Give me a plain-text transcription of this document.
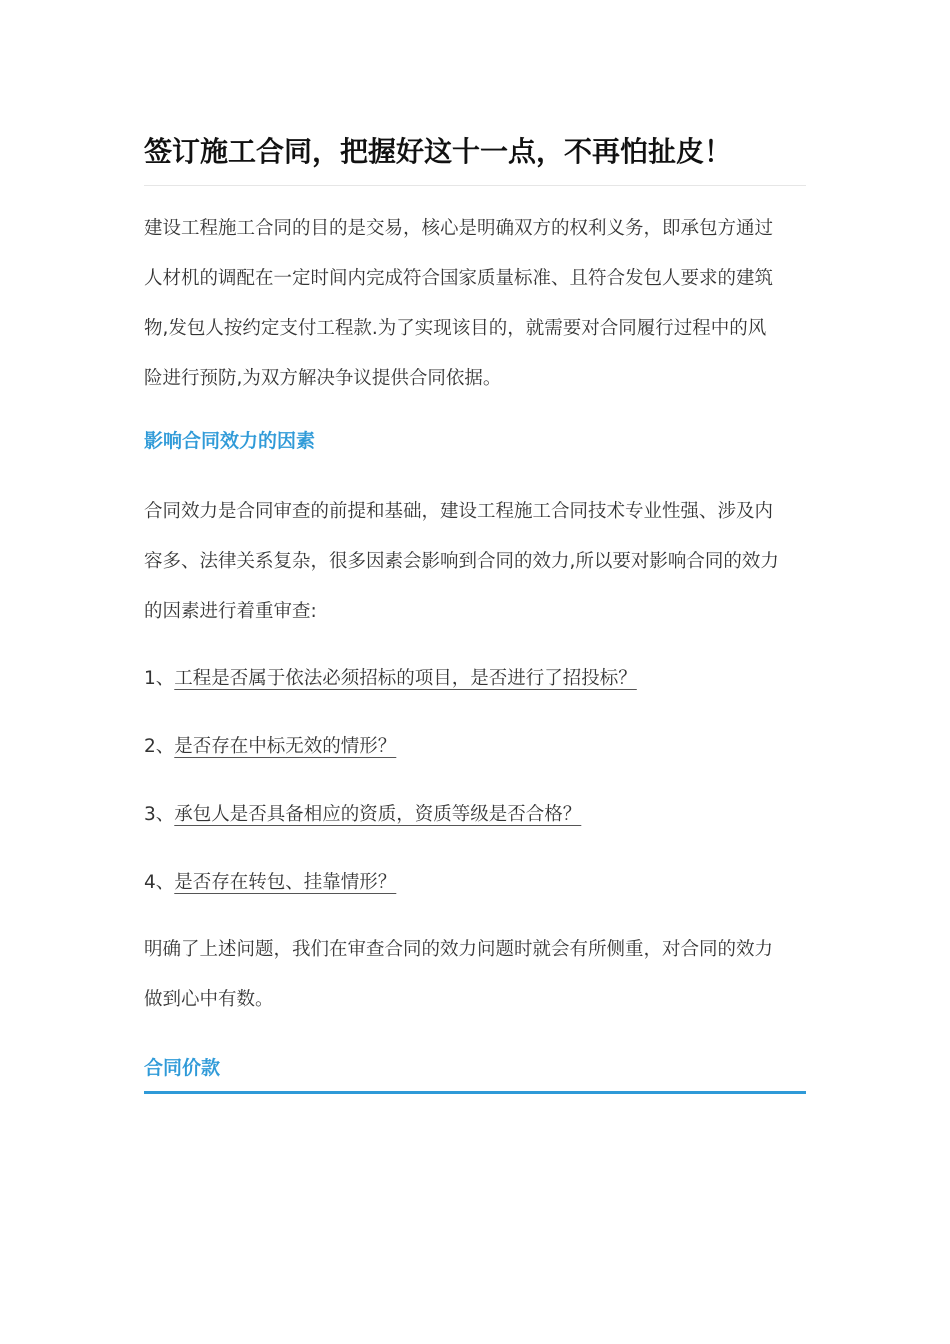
签订施工合同，把握好这十一点，不再怕扯皮！

建设工程施工合同的目的是交易，核心是明确双方的权利义务，即承包方通过
人材机的调配在一定时间内完成符合国家质量标准、且符合发包人要求的建筑
物,发包人按约定支付工程款.为了实现该目的，就需要对合同履行过程中的风
险进行预防,为双方解决争议提供合同依据。

影响合同效力的因素

合同效力是合同审查的前提和基础，建设工程施工合同技术专业性强、涉及内
容多、法律关系复杂，很多因素会影响到合同的效力,所以要对影响合同的效力
的因素进行着重审查:

1、工程是否属于依法必须招标的项目，是否进行了招投标？
2、是否存在中标无效的情形？
3、承包人是否具备相应的资质，资质等级是否合格？
4、是否存在转包、挂靠情形？

明确了上述问题，我们在审查合同的效力问题时就会有所侧重，对合同的效力
做到心中有数。

合同价款
